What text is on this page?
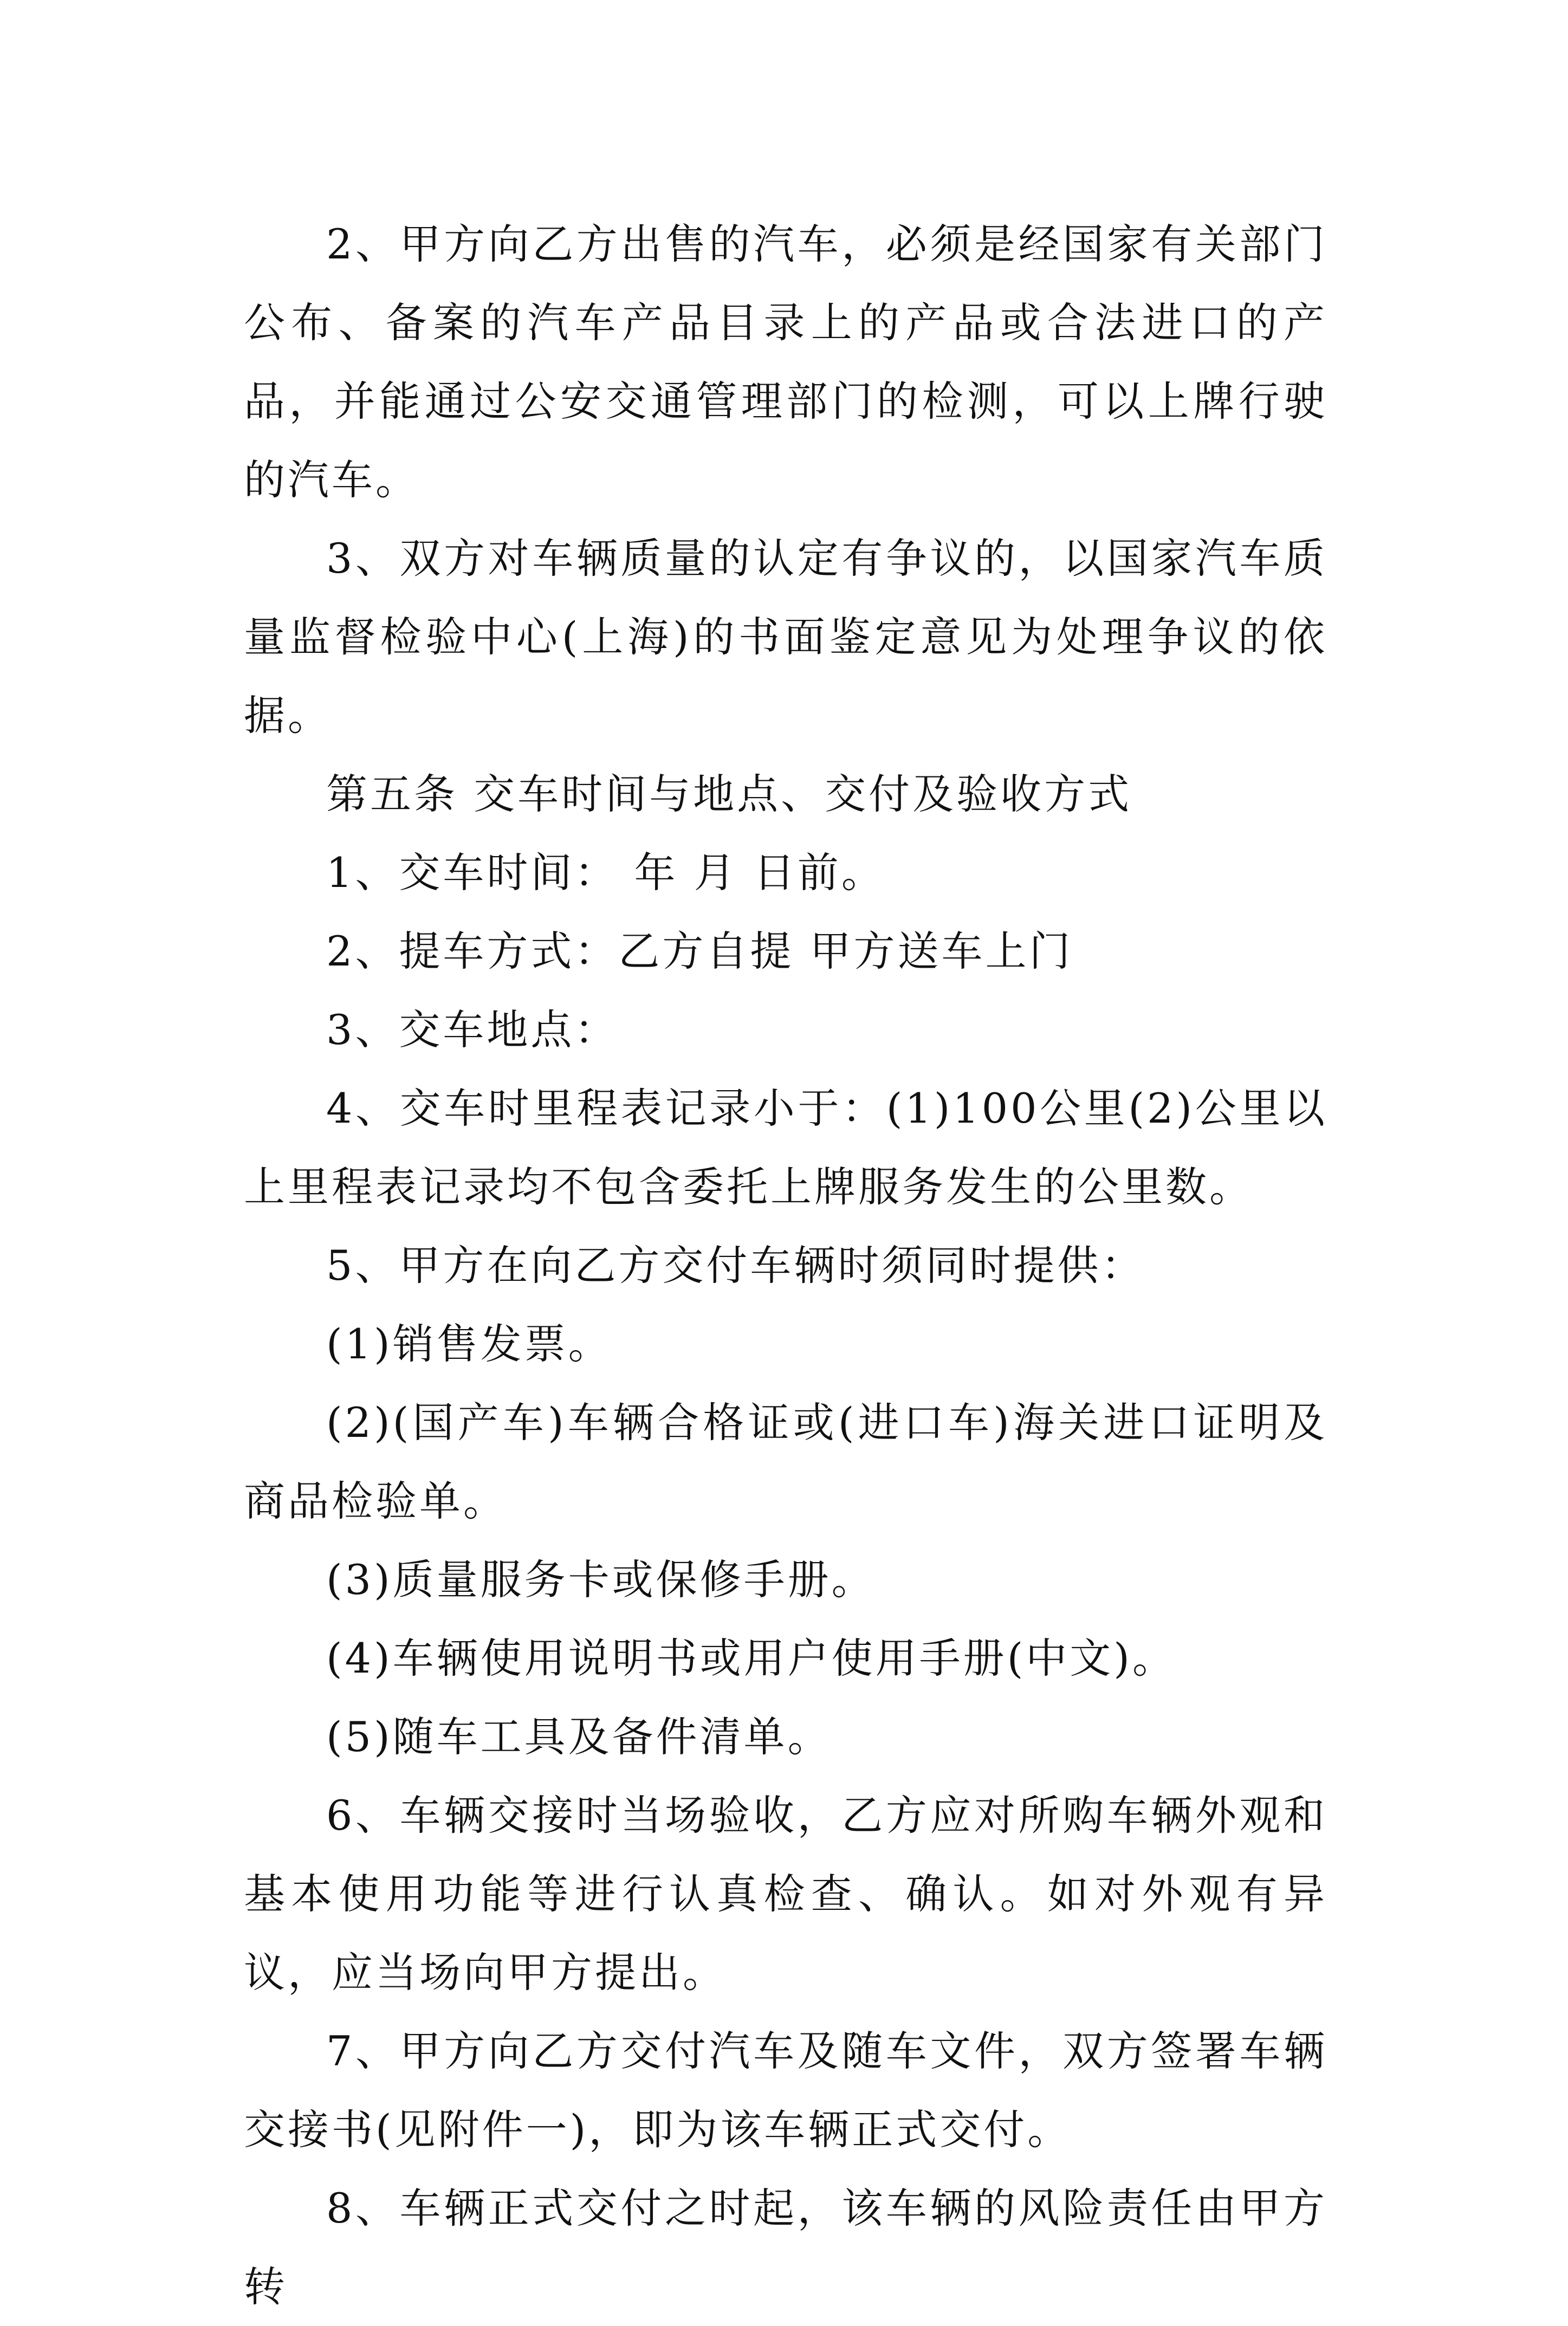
2、甲方向乙方出售的汽车，必须是经国家有关部门公布、备案的汽车产品目录上的产品或合法进口的产品，并能通过公安交通管理部门的检测，可以上牌行驶的汽车。

3、双方对车辆质量的认定有争议的，以国家汽车质量监督检验中心(上海)的书面鉴定意见为处理争议的依据。

第五条 交车时间与地点、交付及验收方式

1、交车时间： 年 月 日前。

2、提车方式：乙方自提 甲方送车上门

3、交车地点：

4、交车时里程表记录小于：(1)100公里(2)公里以上里程表记录均不包含委托上牌服务发生的公里数。

5、甲方在向乙方交付车辆时须同时提供：

(1)销售发票。

(2)(国产车)车辆合格证或(进口车)海关进口证明及商品检验单。

(3)质量服务卡或保修手册。

(4)车辆使用说明书或用户使用手册(中文)。

(5)随车工具及备件清单。

6、车辆交接时当场验收，乙方应对所购车辆外观和基本使用功能等进行认真检查、确认。如对外观有异议，应当场向甲方提出。

7、甲方向乙方交付汽车及随车文件，双方签署车辆交接书(见附件一)，即为该车辆正式交付。

8、车辆正式交付之时起，该车辆的风险责任由甲方转
